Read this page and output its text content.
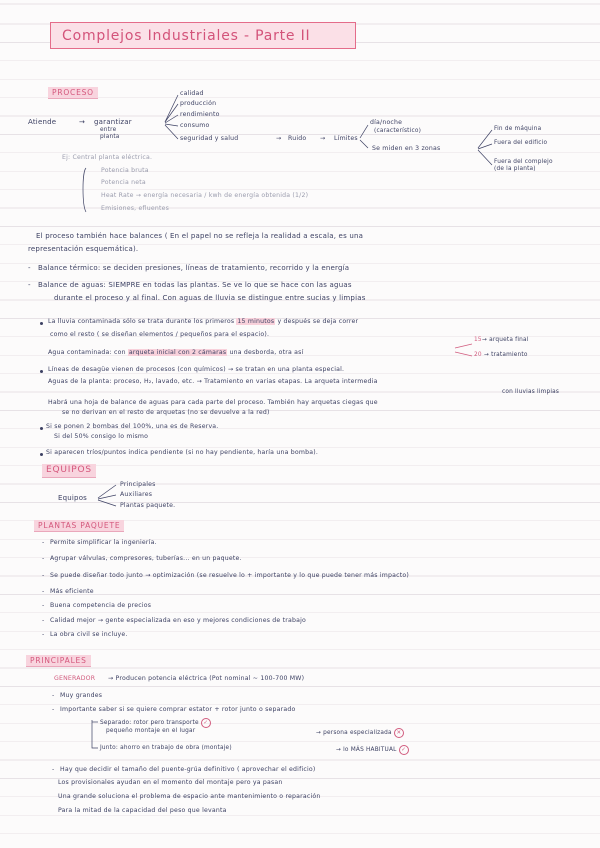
Complejos Industriales - Parte II
PROCESO
Atiende	→ garantizar
entre planta
calidad
producción
rendimiento
consumo
seguridad y salud	→ Ruido → Límites
día/noche
(característico)
Se miden en 3 zonas
Fin de máquina
Fuera del edificio
Fuera del complejo (de la planta)
Ej: Central planta eléctrica.
Potencia bruta
Potencia neta
Heat Rate → energía necesaria / kwh de energía obtenida (1/2)
Emisiones, efluentes
El proceso también hace balances ( En el papel no se refleja la realidad a escala, es una
representación esquemática).
- Balance térmico: se deciden presiones, líneas de tratamiento, recorrido y la energía
- Balance de aguas: SIEMPRE en todas las plantas. Se ve lo que se hace con las aguas
durante el proceso y al final. Con aguas de lluvia se distingue entre sucias y limpias
La lluvia contaminada sólo se trata durante los primeros 15 minutos y después se deja correr
como el resto ( se diseñan elementos / pequeños para el espacio).
Agua contaminada: con arqueta inicial con 2 cámaras una desborda, otra así
15 → arqueta final
20 → tratamiento
Líneas de desagüe vienen de procesos (con químicos) → se tratan en una planta especial.
Aguas de la planta: proceso, H₂, lavado, etc. → Tratamiento en varias etapas. La arqueta intermedia
con lluvias limpias
Habrá una hoja de balance de aguas para cada parte del proceso. También hay arquetas ciegas que
se no derivan en el resto de arquetas (no se devuelve a la red)
Si se ponen 2 bombas del 100%, una es de Reserva.
Si del 50% consigo lo mismo
Si aparecen tríos/puntos indica pendiente (si no hay pendiente, haría una bomba).
EQUIPOS
Equipos
Principales
Auxiliares
Plantas paquete.
PLANTAS PAQUETE
- Permite simplificar la ingeniería.
- Agrupar válvulas, compresores, tuberías... en un paquete.
- Se puede diseñar todo junto → optimización (se resuelve lo + importante y lo que puede tener más impacto)
- Más eficiente
- Buena competencia de precios
- Calidad mejor → gente especializada en eso y mejores condiciones de trabajo
- La obra civil se incluye.
PRINCIPALES
GENERADOR → Producen potencia eléctrica (Pot nominal ~ 100-700 MW)
- Muy grandes
- Importante saber si se quiere comprar estator + rotor junto o separado
Separado: rotor pero transporte ✓
pequeño montaje en el lugar	→ persona especializada ✕
Junto: ahorro en trabajo de obra (montaje)	→ lo MÁS HABITUAL ✓
- Hay que decidir el tamaño del puente-grúa definitivo ( aprovechar el edificio)
Los provisionales ayudan en el momento del montaje pero ya pasan
Una grande soluciona el problema de espacio ante mantenimiento o reparación
Para la mitad de la capacidad del peso que levanta
